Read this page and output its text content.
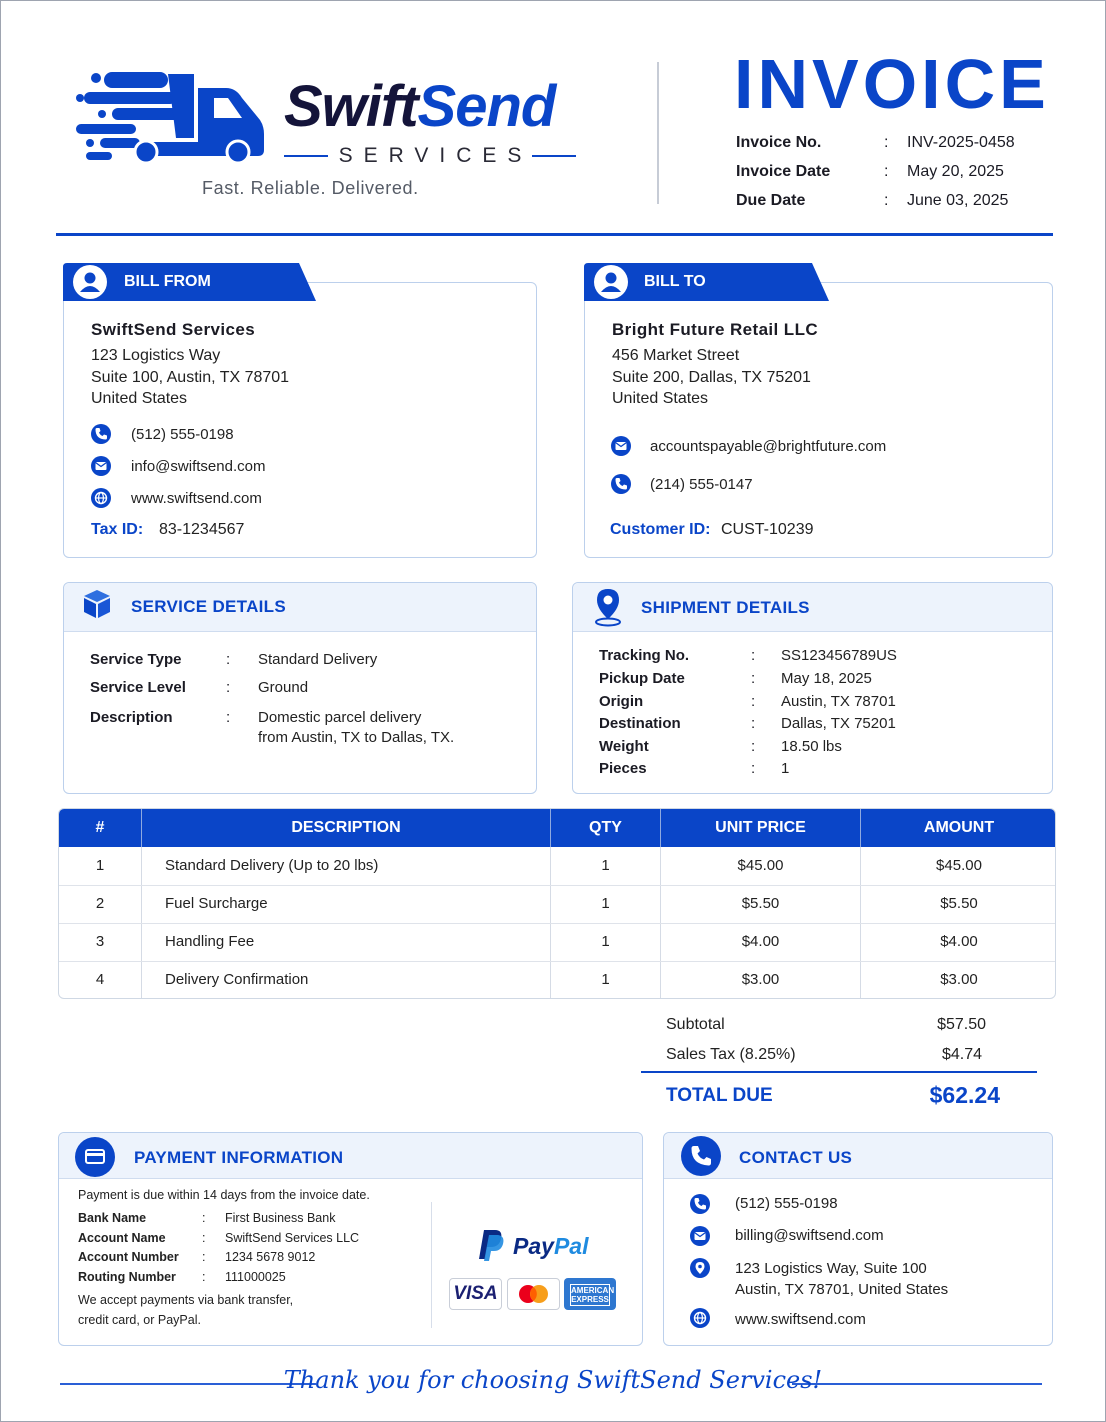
SwiftSend
SERVICES
Fast. Reliable. Delivered.
INVOICE
Invoice No.	: INV-2025-0458
Invoice Date	: May 20, 2025
Due Date	: June 03, 2025
BILL FROM
SwiftSend Services
123 Logistics Way
Suite 100, Austin, TX 78701
United States
(512) 555-0198
info@swiftsend.com
www.swiftsend.com
Tax ID: 83-1234567
BILL TO
Bright Future Retail LLC
456 Market Street
Suite 200, Dallas, TX 75201
United States
accountspayable@brightfuture.com
(214) 555-0147
Customer ID: CUST-10239
SERVICE DETAILS
Service Type	: Standard Delivery
Service Level	: Ground
Description	: Domestic parcel delivery
from Austin, TX to Dallas, TX.
SHIPMENT DETAILS
Tracking No.	: SS123456789US
Pickup Date	: May 18, 2025
Origin	: Austin, TX 78701
Destination	: Dallas, TX 75201
Weight	: 18.50 lbs
Pieces	: 1
#	DESCRIPTION	QTY	UNIT PRICE	AMOUNT
1	Standard Delivery (Up to 20 lbs)	1	$45.00	$45.00
2	Fuel Surcharge	1	$5.50	$5.50
3	Handling Fee	1	$4.00	$4.00
4	Delivery Confirmation	1	$3.00	$3.00
Subtotal	$57.50
Sales Tax (8.25%)	$4.74
TOTAL DUE	$62.24
PAYMENT INFORMATION
Payment is due within 14 days from the invoice date.
Bank Name	: First Business Bank
Account Name	: SwiftSend Services LLC
Account Number : 1234 5678 9012
Routing Number : 111000025
We accept payments via bank transfer,
credit card, or PayPal.
PayPal
VISA	AMERICAN
EXPRESS
CONTACT US
(512) 555-0198
billing@swiftsend.com
123 Logistics Way, Suite 100
Austin, TX 78701, United States
www.swiftsend.com
Thank you for choosing SwiftSend Services!
